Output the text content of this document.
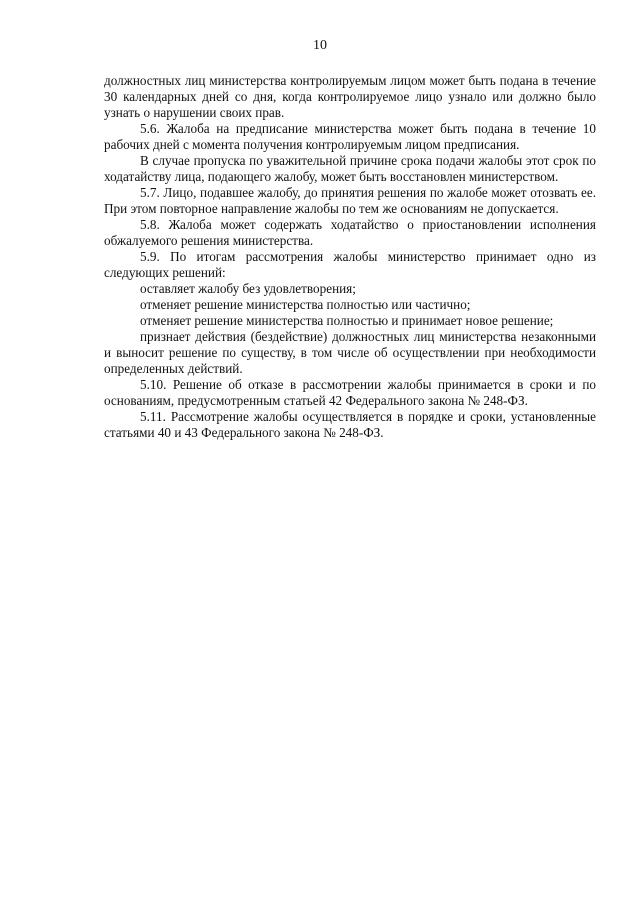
10

должностных лиц министерства контролируемым лицом может быть подана в течение 30 календарных дней со дня, когда контролируемое лицо узнало или должно было узнать о нарушении своих прав.

5.6. Жалоба на предписание министерства может быть подана в течение 10 рабочих дней с момента получения контролируемым лицом предписания.

В случае пропуска по уважительной причине срока подачи жалобы этот срок по ходатайству лица, подающего жалобу, может быть восстановлен министерством.

5.7. Лицо, подавшее жалобу, до принятия решения по жалобе может отозвать ее. При этом повторное направление жалобы по тем же основаниям не допускается.

5.8. Жалоба может содержать ходатайство о приостановлении исполнения обжалуемого решения министерства.

5.9. По итогам рассмотрения жалобы министерство принимает одно из следующих решений:

оставляет жалобу без удовлетворения;

отменяет решение министерства полностью или частично;

отменяет решение министерства полностью и принимает новое решение;

признает действия (бездействие) должностных лиц министерства незаконными и выносит решение по существу, в том числе об осуществлении при необходимости определенных действий.

5.10. Решение об отказе в рассмотрении жалобы принимается в сроки и по основаниям, предусмотренным статьей 42 Федерального закона № 248-ФЗ.

5.11. Рассмотрение жалобы осуществляется в порядке и сроки, установленные статьями 40 и 43 Федерального закона № 248-ФЗ.
